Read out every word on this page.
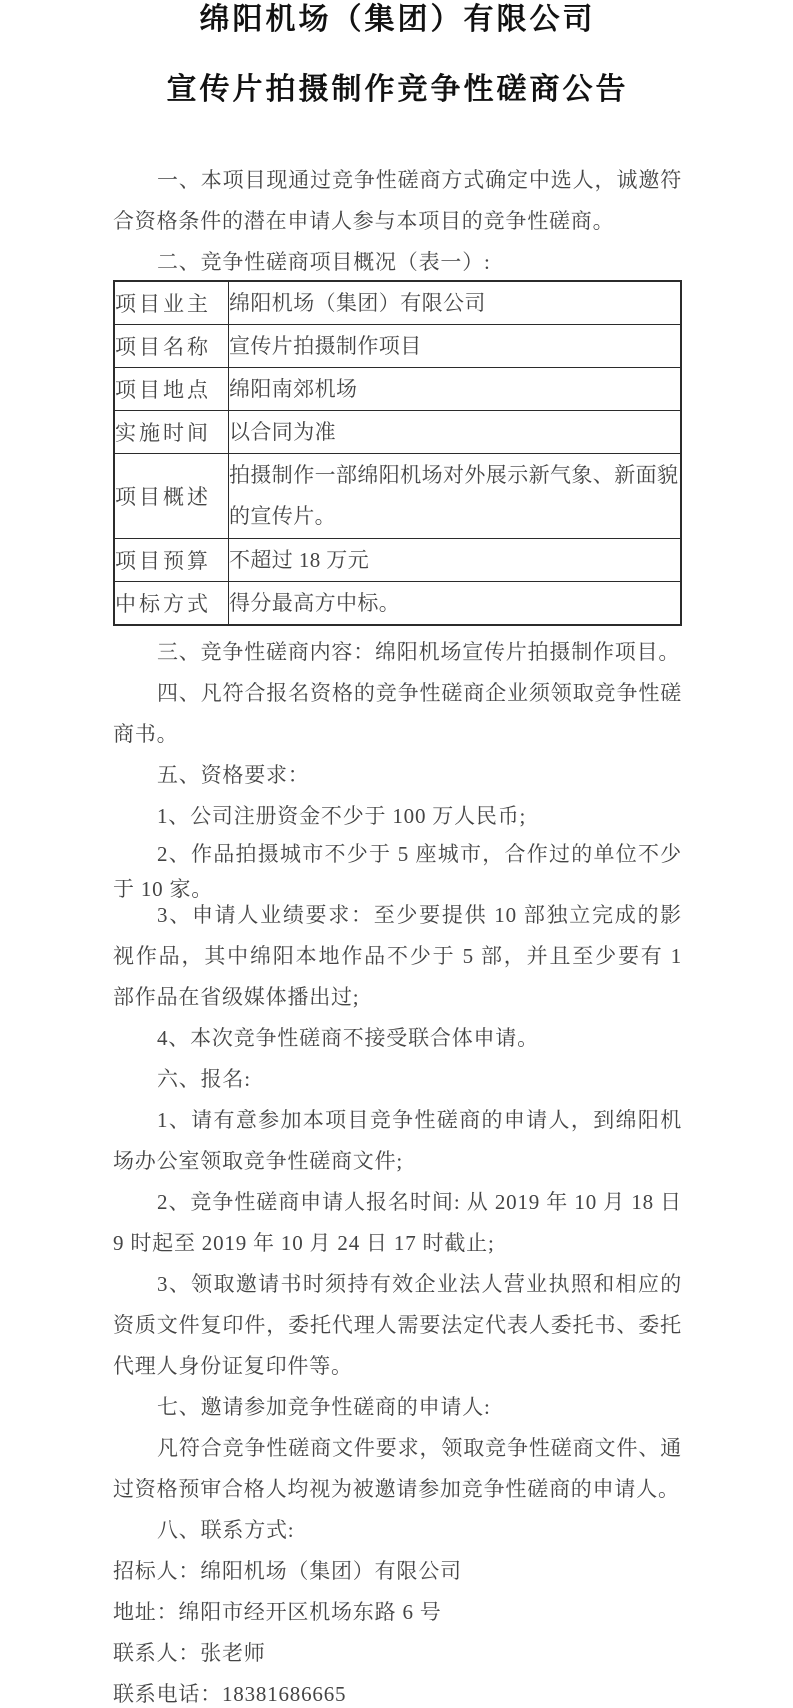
绵阳机场（集团）有限公司
宣传片拍摄制作竞争性磋商公告

一、本项目现通过竞争性磋商方式确定中选人，诚邀符合资格条件的潜在申请人参与本项目的竞争性磋商。

二、竞争性磋商项目概况（表一）:

项目业主	绵阳机场（集团）有限公司
项目名称	宣传片拍摄制作项目
项目地点	绵阳南郊机场
实施时间	以合同为准
项目概述	拍摄制作一部绵阳机场对外展示新气象、新面貌的宣传片。
项目预算	不超过 18 万元
中标方式	得分最高方中标。

三、竞争性磋商内容：绵阳机场宣传片拍摄制作项目。

四、凡符合报名资格的竞争性磋商企业须领取竞争性磋商书。

五、资格要求：

1、公司注册资金不少于 100 万人民币;

2、作品拍摄城市不少于 5 座城市，合作过的单位不少于 10 家。

3、申请人业绩要求：至少要提供 10 部独立完成的影视作品，其中绵阳本地作品不少于 5 部，并且至少要有 1 部作品在省级媒体播出过;

4、本次竞争性磋商不接受联合体申请。

六、报名:

1、请有意参加本项目竞争性磋商的申请人，到绵阳机场办公室领取竞争性磋商文件;

2、竞争性磋商申请人报名时间: 从 2019 年 10 月 18 日 9 时起至 2019 年 10 月 24 日 17 时截止;

3、领取邀请书时须持有效企业法人营业执照和相应的资质文件复印件，委托代理人需要法定代表人委托书、委托代理人身份证复印件等。

七、邀请参加竞争性磋商的申请人:

凡符合竞争性磋商文件要求，领取竞争性磋商文件、通过资格预审合格人均视为被邀请参加竞争性磋商的申请人。

八、联系方式:

招标人：绵阳机场（集团）有限公司

地址：绵阳市经开区机场东路 6 号

联系人：张老师

联系电话：18381686665
